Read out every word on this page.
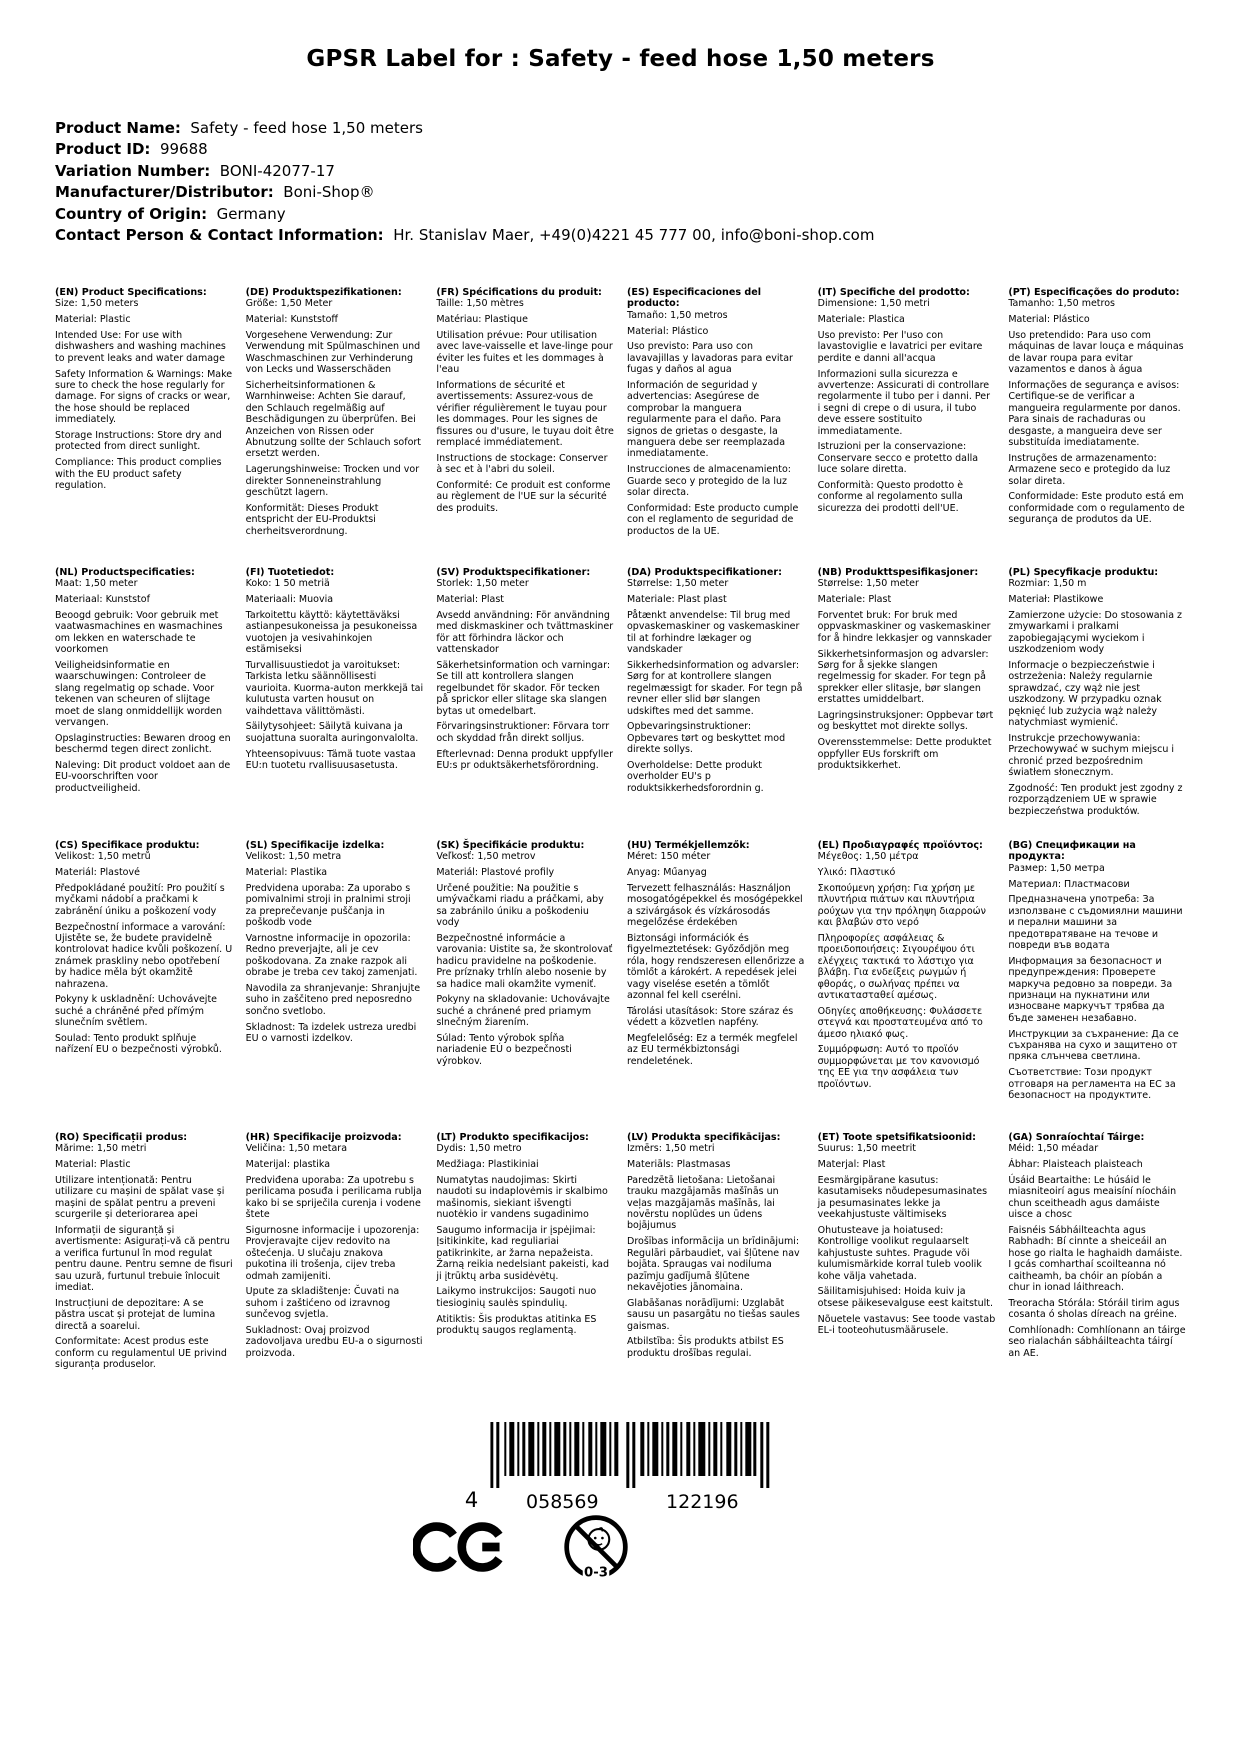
GPSR Label for : Safety - feed hose 1,50 meters
Product Name:  Safety - feed hose 1,50 meters
Product ID:  99688
Variation Number:  BONI-42077-17
Manufacturer/Distributor:  Boni-Shop®
Country of Origin:  Germany
Contact Person & Contact Information:  Hr. Stanislav Maer, +49(0)4221 45 777 00, info@boni-shop.com
(EN) Product Specifications:

Size: 1,50 meters

Material: Plastic

Intended Use: For use with dishwashers and washing machines to prevent leaks and water damage

Safety Information & Warnings: Make sure to check the hose regularly for damage. For signs of cracks or wear, the hose should be replaced immediately.

Storage Instructions: Store dry and protected from direct sunlight.

Compliance: This product complies with the EU product safety regulation.

(DE) Produktspezifikationen:

Größe: 1,50 Meter

Material: Kunststoff

Vorgesehene Verwendung: Zur Verwendung mit Spülmaschinen und Waschmaschinen zur Verhinderung von Lecks und Wasserschäden

Sicherheitsinformationen & Warnhinweise: Achten Sie darauf, den Schlauch regelmäßig auf Beschädigungen zu überprüfen. Bei Anzeichen von Rissen oder Abnutzung sollte der Schlauch sofort ersetzt werden.

Lagerungshinweise: Trocken und vor direkter Sonneneinstrahlung geschützt lagern.

Konformität: Dieses Produkt entspricht der EU-Produktsi cherheitsverordnung.

(FR) Spécifications du produit:

Taille: 1,50 mètres

Matériau: Plastique

Utilisation prévue: Pour utilisation avec lave-vaisselle et lave-linge pour éviter les fuites et les dommages à l'eau

Informations de sécurité et avertissements: Assurez-vous de vérifier régulièrement le tuyau pour les dommages. Pour les signes de fissures ou d'usure, le tuyau doit être remplacé immédiatement.

Instructions de stockage: Conserver à sec et à l'abri du soleil.

Conformité: Ce produit est conforme au règlement de l'UE sur la sécurité des produits.

(ES) Especificaciones del producto:

Tamaño: 1,50 metros

Material: Plástico

Uso previsto: Para uso con lavavajillas y lavadoras para evitar fugas y daños al agua

Información de seguridad y advertencias: Asegúrese de comprobar la manguera regularmente para el daño. Para signos de grietas o desgaste, la manguera debe ser reemplazada inmediatamente.

Instrucciones de almacenamiento: Guarde seco y protegido de la luz solar directa.

Conformidad: Este producto cumple con el reglamento de seguridad de productos de la UE.

(IT) Specifiche del prodotto:

Dimensione: 1,50 metri

Materiale: Plastica

Uso previsto: Per l'uso con lavastoviglie e lavatrici per evitare perdite e danni all'acqua

Informazioni sulla sicurezza e avvertenze: Assicurati di controllare regolarmente il tubo per i danni. Per i segni di crepe o di usura, il tubo deve essere sostituito immediatamente.

Istruzioni per la conservazione: Conservare secco e protetto dalla luce solare diretta.

Conformità: Questo prodotto è conforme al regolamento sulla sicurezza dei prodotti dell'UE.

(PT) Especificações do produto:

Tamanho: 1,50 metros

Material: Plástico

Uso pretendido: Para uso com máquinas de lavar louça e máquinas de lavar roupa para evitar vazamentos e danos à água

Informações de segurança e avisos: Certifique-se de verificar a mangueira regularmente por danos. Para sinais de rachaduras ou desgaste, a mangueira deve ser substituída imediatamente.

Instruções de armazenamento: Armazene seco e protegido da luz solar direta.

Conformidade: Este produto está em conformidade com o regulamento de segurança de produtos da UE.

(NL) Productspecificaties:

Maat: 1,50 meter

Materiaal: Kunststof

Beoogd gebruik: Voor gebruik met vaatwasmachines en wasmachines om lekken en waterschade te voorkomen

Veiligheidsinformatie en waarschuwingen: Controleer de slang regelmatig op schade. Voor tekenen van scheuren of slijtage moet de slang onmiddellijk worden vervangen.

Opslaginstructies: Bewaren droog en beschermd tegen direct zonlicht.

Naleving: Dit product voldoet aan de EU-voorschriften voor productveiligheid.

(FI) Tuotetiedot:

Koko: 1 50 metriä

Materiaali: Muovia

Tarkoitettu käyttö: käytettäväksi astianpesukoneissa ja pesukoneissa vuotojen ja vesivahinkojen estämiseksi

Turvallisuustiedot ja varoitukset: Tarkista letku säännöllisesti vaurioita. Kuorma-auton merkkejä tai kulutusta varten housut on vaihdettava välittömästi.

Säilytysohjeet: Säilytä kuivana ja suojattuna suoralta auringonvalolta.

Yhteensopivuus: Tämä tuote vastaa EU:n tuotetu rvallisuusasetusta.

(SV) Produktspecifikationer:

Storlek: 1,50 meter

Material: Plast

Avsedd användning: För användning med diskmaskiner och tvättmaskiner för att förhindra läckor och vattenskador

Säkerhetsinformation och varningar: Se till att kontrollera slangen regelbundet för skador. För tecken på sprickor eller slitage ska slangen bytas ut omedelbart.

Förvaringsinstruktioner: Förvara torr och skyddad från direkt solljus.

Efterlevnad: Denna produkt uppfyller EU:s pr oduktsäkerhetsförordning.

(DA) Produktspecifikationer:

Størrelse: 1,50 meter

Materiale: Plast plast

Påtænkt anvendelse: Til brug med opvaskemaskiner og vaskemaskiner til at forhindre lækager og vandskader

Sikkerhedsinformation og advarsler: Sørg for at kontrollere slangen regelmæssigt for skader. For tegn på revner eller slid bør slangen udskiftes med det samme.

Opbevaringsinstruktioner: Opbevares tørt og beskyttet mod direkte sollys.

Overholdelse: Dette produkt overholder EU's p roduktsikkerhedsforordnin g.

(NB) Produkttspesifikasjoner:

Størrelse: 1,50 meter

Materiale: Plast

Forventet bruk: For bruk med oppvaskmaskiner og vaskemaskiner for å hindre lekkasjer og vannskader

Sikkerhetsinformasjon og advarsler: Sørg for å sjekke slangen regelmessig for skader. For tegn på sprekker eller slitasje, bør slangen erstattes umiddelbart.

Lagringsinstruksjoner: Oppbevar tørt og beskyttet mot direkte sollys.

Overensstemmelse: Dette produktet oppfyller EUs forskrift om produktsikkerhet.

(PL) Specyfikacje produktu:

Rozmiar: 1,50 m

Materiał: Plastikowe

Zamierzone użycie: Do stosowania z zmywarkami i pralkami zapobiegającymi wyciekom i uszkodzeniom wody

Informacje o bezpieczeństwie i ostrzeżenia: Należy regularnie sprawdzać, czy wąż nie jest uszkodzony. W przypadku oznak pęknięć lub zużycia wąż należy natychmiast wymienić.

Instrukcje przechowywania: Przechowywać w suchym miejscu i chronić przed bezpośrednim światłem słonecznym.

Zgodność: Ten produkt jest zgodny z rozporządzeniem UE w sprawie bezpieczeństwa produktów.

(CS) Specifikace produktu:

Velikost: 1,50 metrů

Materiál: Plastové

Předpokládané použití: Pro použití s myčkami nádobí a pračkami k zabránění úniku a poškození vody

Bezpečnostní informace a varování: Ujistěte se, že budete pravidelně kontrolovat hadice kvůli poškození. U známek praskliny nebo opotřebení by hadice měla být okamžitě nahrazena.

Pokyny k uskladnění: Uchovávejte suché a chráněné před přímým slunečním světlem.

Soulad: Tento produkt splňuje nařízení EU o bezpečnosti výrobků.

(SL) Specifikacije izdelka:

Velikost: 1,50 metra

Material: Plastika

Predvidena uporaba: Za uporabo s pomivalnimi stroji in pralnimi stroji za preprečevanje puščanja in poškodb vode

Varnostne informacije in opozorila: Redno preverjajte, ali je cev poškodovana. Za znake razpok ali obrabe je treba cev takoj zamenjati.

Navodila za shranjevanje: Shranjujte suho in zaščiteno pred neposredno sončno svetlobo.

Skladnost: Ta izdelek ustreza uredbi EU o varnosti izdelkov.

(SK) Špecifikácie produktu:

Veľkosť: 1,50 metrov

Materiál: Plastové profily

Určené použitie: Na použitie s umývačkami riadu a práčkami, aby sa zabránilo úniku a poškodeniu vody

Bezpečnostné informácie a varovania: Uistite sa, že skontrolovať hadicu pravidelne na poškodenie. Pre príznaky trhlín alebo nosenie by sa hadice mali okamžite vymeniť.

Pokyny na skladovanie: Uchovávajte suché a chránené pred priamym slnečným žiarením.

Súlad: Tento výrobok spĺňa nariadenie EÚ o bezpečnosti výrobkov.

(HU) Termékjellemzők:

Méret: 150 méter

Anyag: Műanyag

Tervezett felhasználás: Használjon mosogatógépekkel és mosógépekkel a szivárgások és vízkárosodás megelőzése érdekében

Biztonsági információk és figyelmeztetések: Győződjön meg róla, hogy rendszeresen ellenőrizze a tömlőt a károkért. A repedések jelei vagy viselése esetén a tömlőt azonnal fel kell cserélni.

Tárolási utasítások: Store száraz és védett a közvetlen napfény.

Megfelelőség: Ez a termék megfelel az EU termékbiztonsági rendeletének.

(EL) Προδιαγραφές προϊόντος:

Μέγεθος: 1,50 μέτρα

Υλικό: Πλαστικό

Σκοπούμενη χρήση: Για χρήση με πλυντήρια πιάτων και πλυντήρια ρούχων για την πρόληψη διαρροών και βλαβών στο νερό

Πληροφορίες ασφάλειας & προειδοποιήσεις: Σιγουρέψου ότι ελέγχεις τακτικά το λάστιχο για βλάβη. Για ενδείξεις ρωγμών ή φθοράς, ο σωλήνας πρέπει να αντικατασταθεί αμέσως.

Οδηγίες αποθήκευσης: Φυλάσσετε στεγνά και προστατευμένα από το άμεσο ηλιακό φως.

Συμμόρφωση: Αυτό το προϊόν συμμορφώνεται με τον κανονισμό της ΕΕ για την ασφάλεια των προϊόντων.

(BG) Спецификации на продукта:

Размер: 1,50 метра

Материал: Пластмасови

Предназначена употреба: За използване с съдомиялни машини и перални машини за предотвратяване на течове и повреди във водата

Информация за безопасност и предупреждения: Проверете маркуча редовно за повреди. За признаци на пукнатини или износване маркучът трябва да бъде заменен незабавно.

Инструкции за съхранение: Да се съхранява на сухо и защитено от пряка слънчева светлина.

Съответствие: Този продукт отговаря на регламента на ЕС за безопасност на продуктите.

(RO) Specificații produs:

Mărime: 1,50 metri

Material: Plastic

Utilizare intenționată: Pentru utilizare cu mașini de spălat vase și mașini de spălat pentru a preveni scurgerile și deteriorarea apei

Informații de siguranță și avertismente: Asigurați-vă că pentru a verifica furtunul în mod regulat pentru daune. Pentru semne de fisuri sau uzură, furtunul trebuie înlocuit imediat.

Instrucțiuni de depozitare: A se păstra uscat și protejat de lumina directă a soarelui.

Conformitate: Acest produs este conform cu regulamentul UE privind siguranța produselor.

(HR) Specifikacije proizvoda:

Veličina: 1,50 metara

Materijal: plastika

Predviđena uporaba: Za upotrebu s perilicama posuđa i perilicama rublja kako bi se spriječila curenja i vodene štete

Sigurnosne informacije i upozorenja: Provjeravajte cijev redovito na oštećenja. U slučaju znakova pukotina ili trošenja, cijev treba odmah zamijeniti.

Upute za skladištenje: Čuvati na suhom i zaštićeno od izravnog sunčevog svjetla.

Sukladnost: Ovaj proizvod zadovoljava uredbu EU-a o sigurnosti proizvoda.

(LT) Produkto specifikacijos:

Dydis: 1,50 metro

Medžiaga: Plastikiniai

Numatytas naudojimas: Skirti naudoti su indaplovėmis ir skalbimo mašinomis, siekiant išvengti nuotėkio ir vandens sugadinimo

Saugumo informacija ir įspėjimai: Įsitikinkite, kad reguliariai patikrinkite, ar žarna nepažeista. Žarną reikia nedelsiant pakeisti, kad ji įtrūktų arba susidėvėtų.

Laikymo instrukcijos: Saugoti nuo tiesioginių saulės spindulių.

Atitiktis: Šis produktas atitinka ES produktų saugos reglamentą.

(LV) Produkta specifikācijas:

Izmērs: 1,50 metri

Materiāls: Plastmasas

Paredzētā lietošana: Lietošanai trauku mazgājamās mašīnās un veļas mazgājamās mašīnās, lai novērstu noplūdes un ūdens bojājumus

Drošības informācija un brīdinājumi: Regulāri pārbaudiet, vai šļūtene nav bojāta. Spraugas vai nodiluma pazīmju gadījumā šļūtene nekavējoties jānomaina.

Glabāšanas norādījumi: Uzglabāt sausu un pasargātu no tiešas saules gaismas.

Atbilstība: Šis produkts atbilst ES produktu drošības regulai.

(ET) Toote spetsifikatsioonid:

Suurus: 1,50 meetrit

Materjal: Plast

Eesmärgipärane kasutus: kasutamiseks nõudepesumasinates ja pesumasinates lekke ja veekahjustuste vältimiseks

Ohutusteave ja hoiatused: Kontrollige voolikut regulaarselt kahjustuste suhtes. Pragude või kulumismärkide korral tuleb voolik kohe välja vahetada.

Säilitamisjuhised: Hoida kuiv ja otsese päikesevalguse eest kaitstult.

Nõuetele vastavus: See toode vastab EL-i tooteohutusmäärusele.

(GA) Sonraíochtaí Táirge:

Méid: 1,50 méadar

Ábhar: Plaisteach plaisteach

Úsáid Beartaithe: Le húsáid le miasniteoirí agus meaisíní níocháin chun sceitheadh agus damáiste uisce a chosc

Faisnéis Sábháilteachta agus Rabhadh: Bí cinnte a sheiceáil an hose go rialta le haghaidh damáiste. I gcás comharthaí scoilteanna nó caitheamh, ba chóir an píobán a chur in ionad láithreach.

Treoracha Stórála: Stóráil tirim agus cosanta ó sholas díreach na gréine.

Comhlíonadh: Comhlíonann an táirge seo rialachán sábháilteachta táirgí an AE.

4	058569	122196
0-3
